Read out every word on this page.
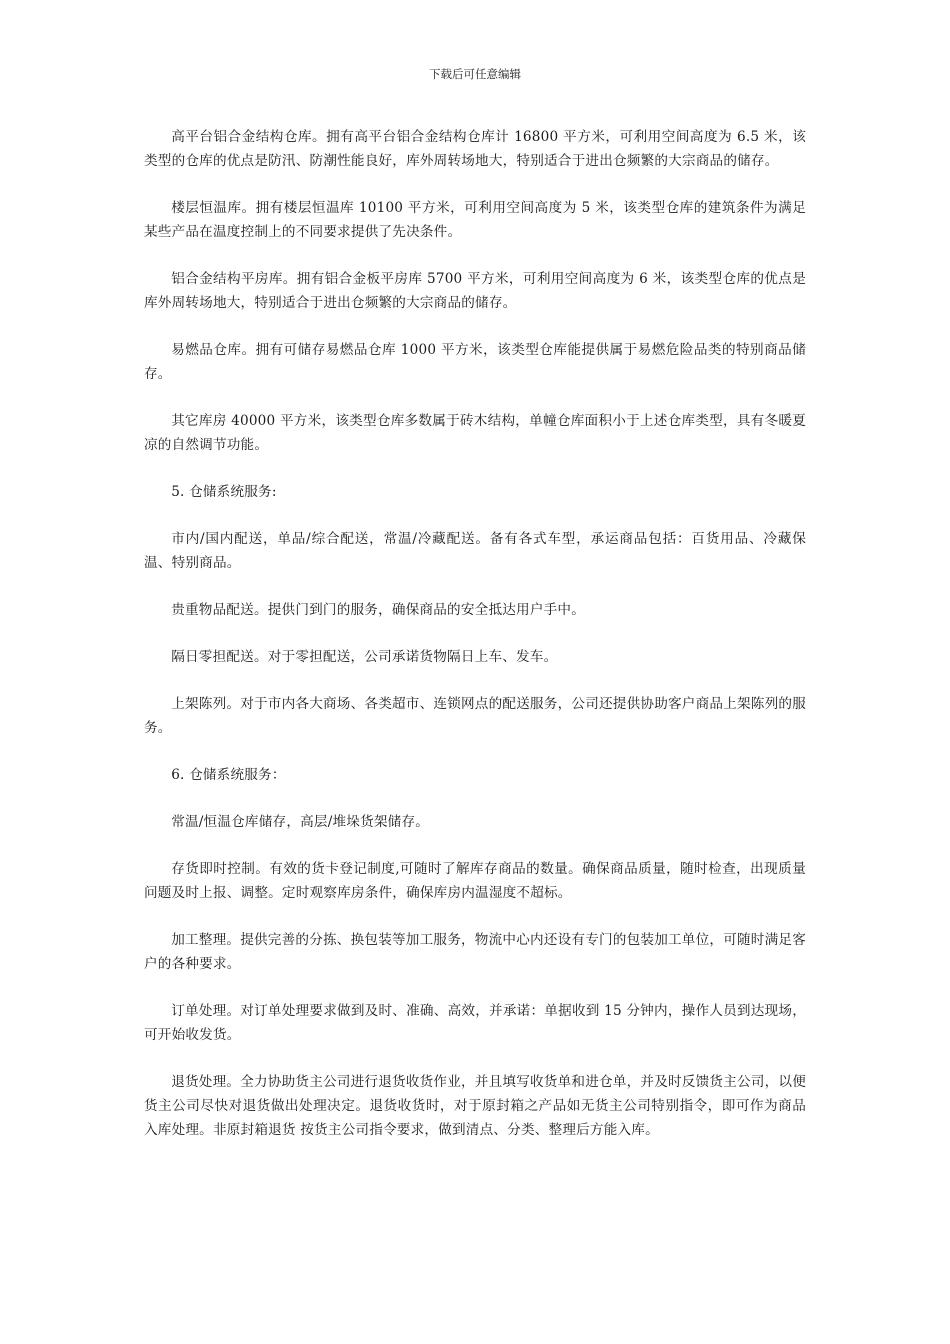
下载后可任意编辑

高平台铝合金结构仓库。拥有高平台铝合金结构仓库计 16800 平方米，可利用空间高度为 6.5 米，该类型的仓库的优点是防汛、防潮性能良好，库外周转场地大，特别适合于进出仓频繁的大宗商品的储存。

楼层恒温库。拥有楼层恒温库 10100 平方米，可利用空间高度为 5 米，该类型仓库的建筑条件为满足某些产品在温度控制上的不同要求提供了先决条件。

铝合金结构平房库。拥有铝合金板平房库 5700 平方米，可利用空间高度为 6 米，该类型仓库的优点是库外周转场地大，特别适合于进出仓频繁的大宗商品的储存。

易燃品仓库。拥有可储存易燃品仓库 1000 平方米，该类型仓库能提供属于易燃危险品类的特别商品储存。

其它库房 40000 平方米，该类型仓库多数属于砖木结构，单幢仓库面积小于上述仓库类型，具有冬暖夏凉的自然调节功能。

5. 仓储系统服务:

市内/国内配送，单品/综合配送，常温/冷藏配送。备有各式车型，承运商品包括：百货用品、冷藏保温、特别商品。

贵重物品配送。提供门到门的服务，确保商品的安全抵达用户手中。

隔日零担配送。对于零担配送，公司承诺货物隔日上车、发车。

上架陈列。对于市内各大商场、各类超市、连锁网点的配送服务，公司还提供协助客户商品上架陈列的服务。

6. 仓储系统服务：

常温/恒温仓库储存，高层/堆垛货架储存。

存货即时控制。有效的货卡登记制度,可随时了解库存商品的数量。确保商品质量，随时检查，出现质量问题及时上报、调整。定时观察库房条件，确保库房内温湿度不超标。

加工整理。提供完善的分拣、换包装等加工服务，物流中心内还设有专门的包装加工单位，可随时满足客户的各种要求。

订单处理。对订单处理要求做到及时、准确、高效，并承诺：单据收到 15 分钟内，操作人员到达现场，可开始收发货。

退货处理。全力协助货主公司进行退货收货作业，并且填写收货单和进仓单，并及时反馈货主公司，以便货主公司尽快对退货做出处理决定。退货收货时，对于原封箱之产品如无货主公司特别指令，即可作为商品入库处理。非原封箱退货 按货主公司指令要求，做到清点、分类、整理后方能入库。
